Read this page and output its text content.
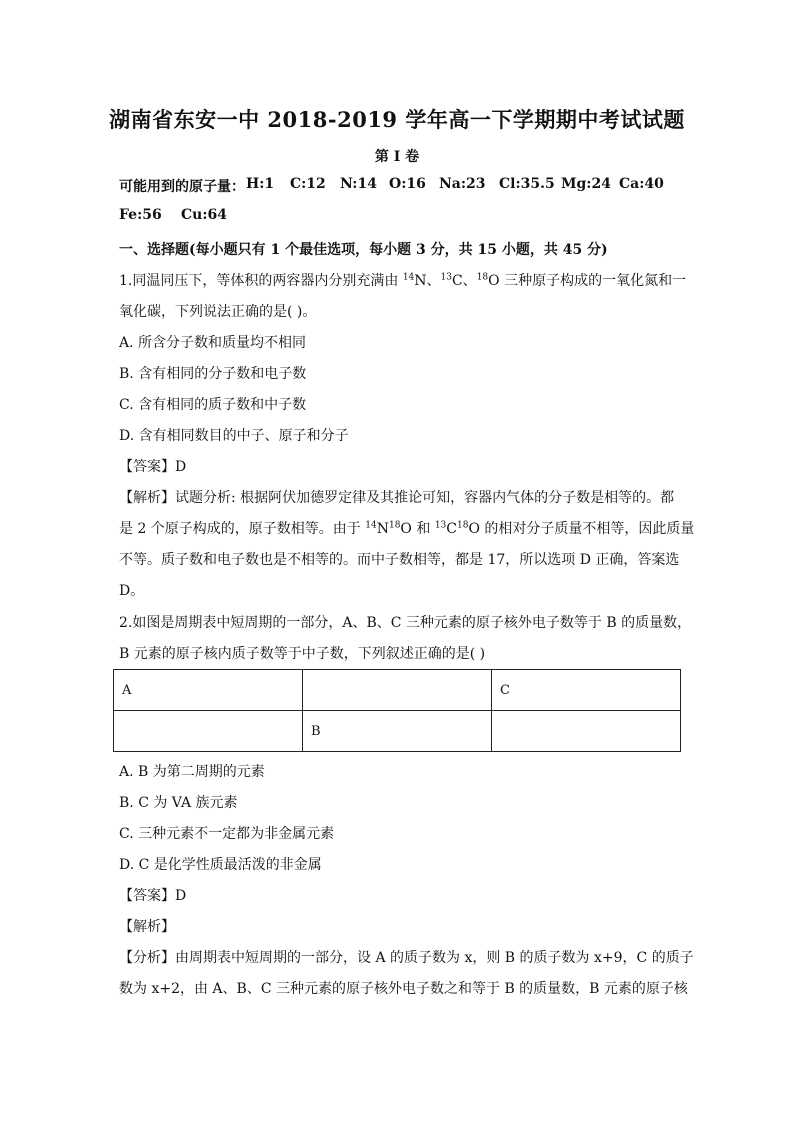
湖南省东安一中 2018-2019 学年高一下学期期中考试试题
第 I 卷
可能用到的原子量： H:1 C:12 N:14 O:16 Na:23 Cl:35.5 Mg:24 Ca:40
Fe:56 Cu:64
一、选择题(每小题只有 1 个最佳选项，每小题 3 分，共 15 小题，共 45 分)
1.同温同压下，等体积的两容器内分别充满由 $^{14}$N、$^{13}$C、$^{18}$O 三种原子构成的一氧化氮和一
氧化碳，下列说法正确的是( )。
A. 所含分子数和质量均不相同
B. 含有相同的分子数和电子数
C. 含有相同的质子数和中子数
D. 含有相同数目的中子、原子和分子
【答案】D
【解析】试题分析: 根据阿伏加德罗定律及其推论可知，容器内气体的分子数是相等的。都
是 2 个原子构成的，原子数相等。由于 $^{14}N^{18}O$ 和 $^{13}C^{18}O$ 的相对分子质量不相等，因此质量
不等。质子数和电子数也是不相等的。而中子数相等，都是 17，所以选项 D 正确，答案选
D。
2.如图是周期表中短周期的一部分，A、B、C 三种元素的原子核外电子数等于 B 的质量数，
B 元素的原子核内质子数等于中子数，下列叙述正确的是( )
A		C
	B	
A. B 为第二周期的元素
B. C 为 VA 族元素
C. 三种元素不一定都为非金属元素
D. C 是化学性质最活泼的非金属
【答案】D
【解析】
【分析】由周期表中短周期的一部分，设 A 的质子数为 x，则 B 的质子数为 x+9，C 的质子
数为 x+2，由 A、B、C 三种元素的原子核外电子数之和等于 B 的质量数，B 元素的原子核
